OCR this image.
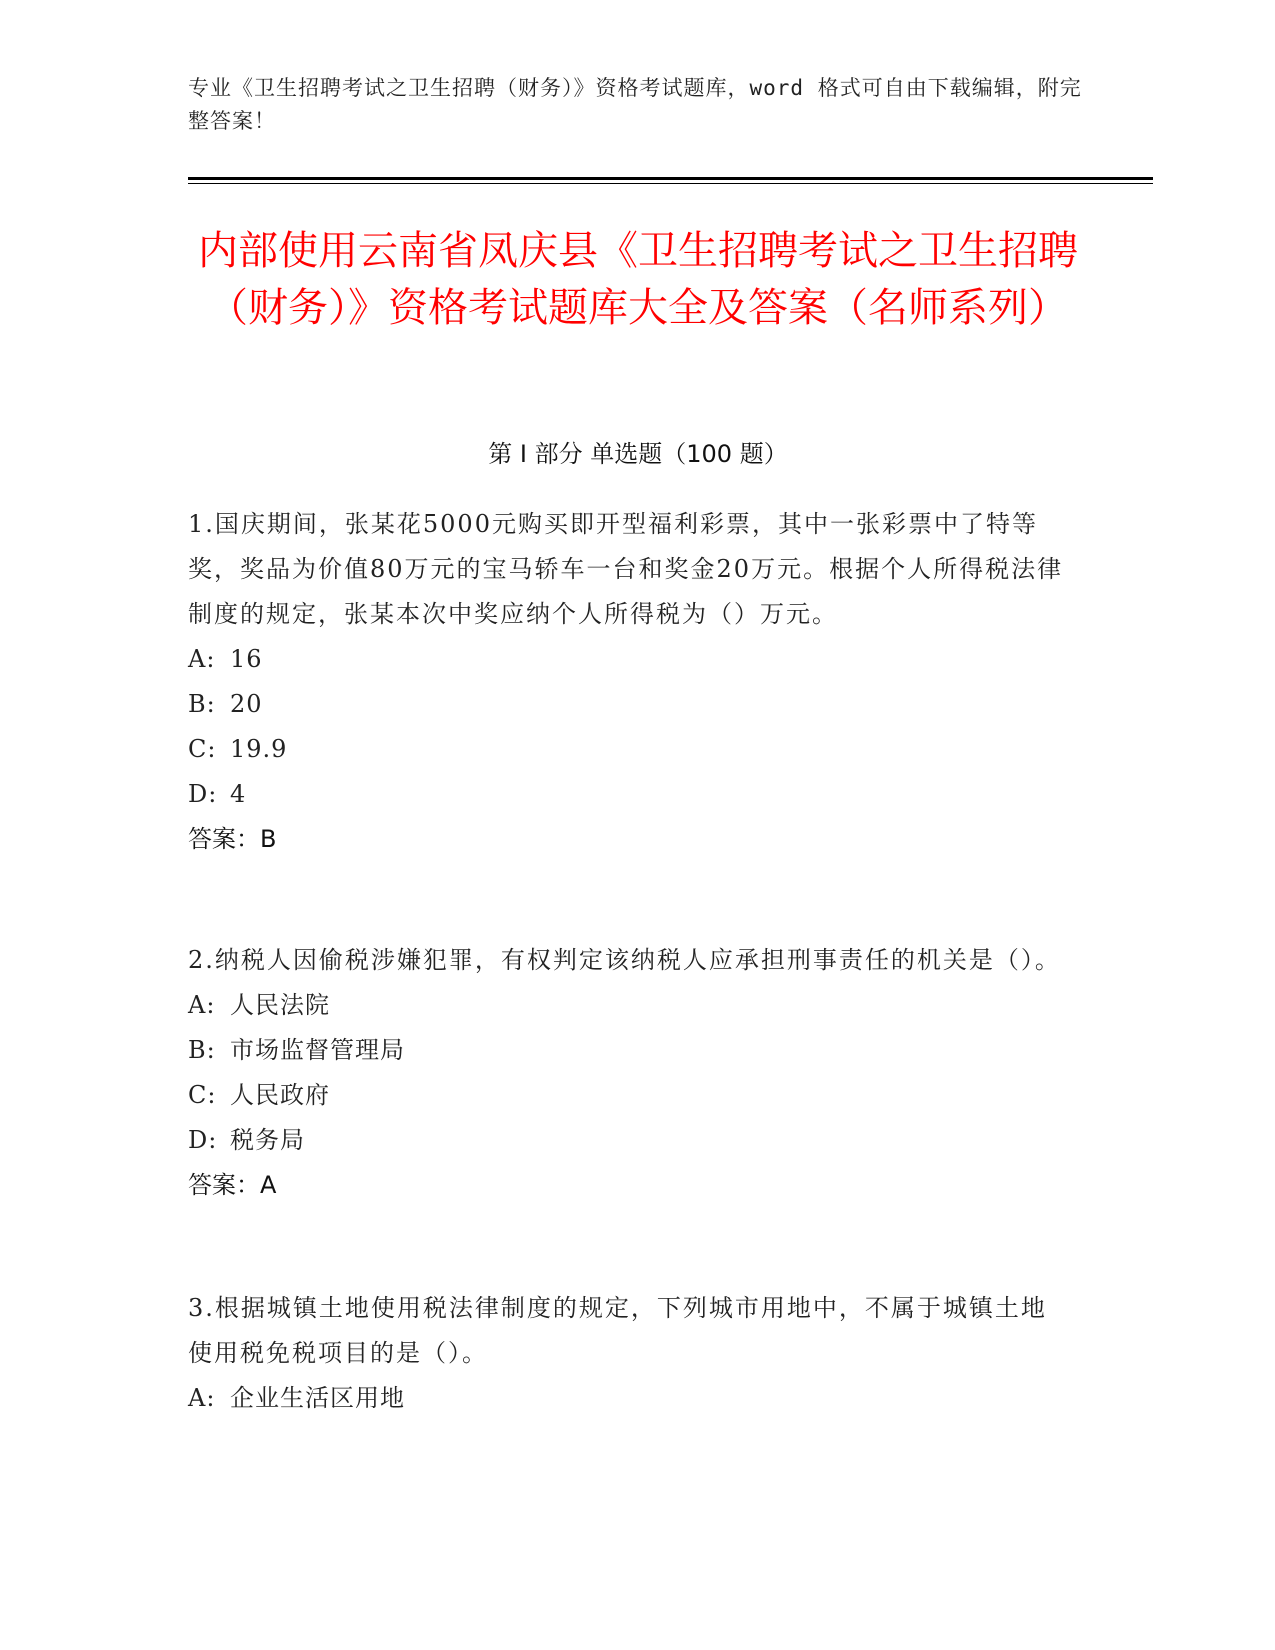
专业《卫生招聘考试之卫生招聘（财务）》资格考试题库，word 格式可自由下载编辑，附完整答案！
内部使用云南省凤庆县《卫生招聘考试之卫生招聘（财务）》资格考试题库大全及答案（名师系列）
第 I 部分 单选题（100 题）
1.国庆期间，张某花5000元购买即开型福利彩票，其中一张彩票中了特等奖，奖品为价值80万元的宝马轿车一台和奖金20万元。根据个人所得税法律制度的规定，张某本次中奖应纳个人所得税为（）万元。
A: 16
B: 20
C: 19.9
D: 4
答案：B
2.纳税人因偷税涉嫌犯罪，有权判定该纳税人应承担刑事责任的机关是（）。
A: 人民法院
B: 市场监督管理局
C: 人民政府
D: 税务局
答案：A
3.根据城镇土地使用税法律制度的规定，下列城市用地中，不属于城镇土地使用税免税项目的是（）。
A: 企业生活区用地
